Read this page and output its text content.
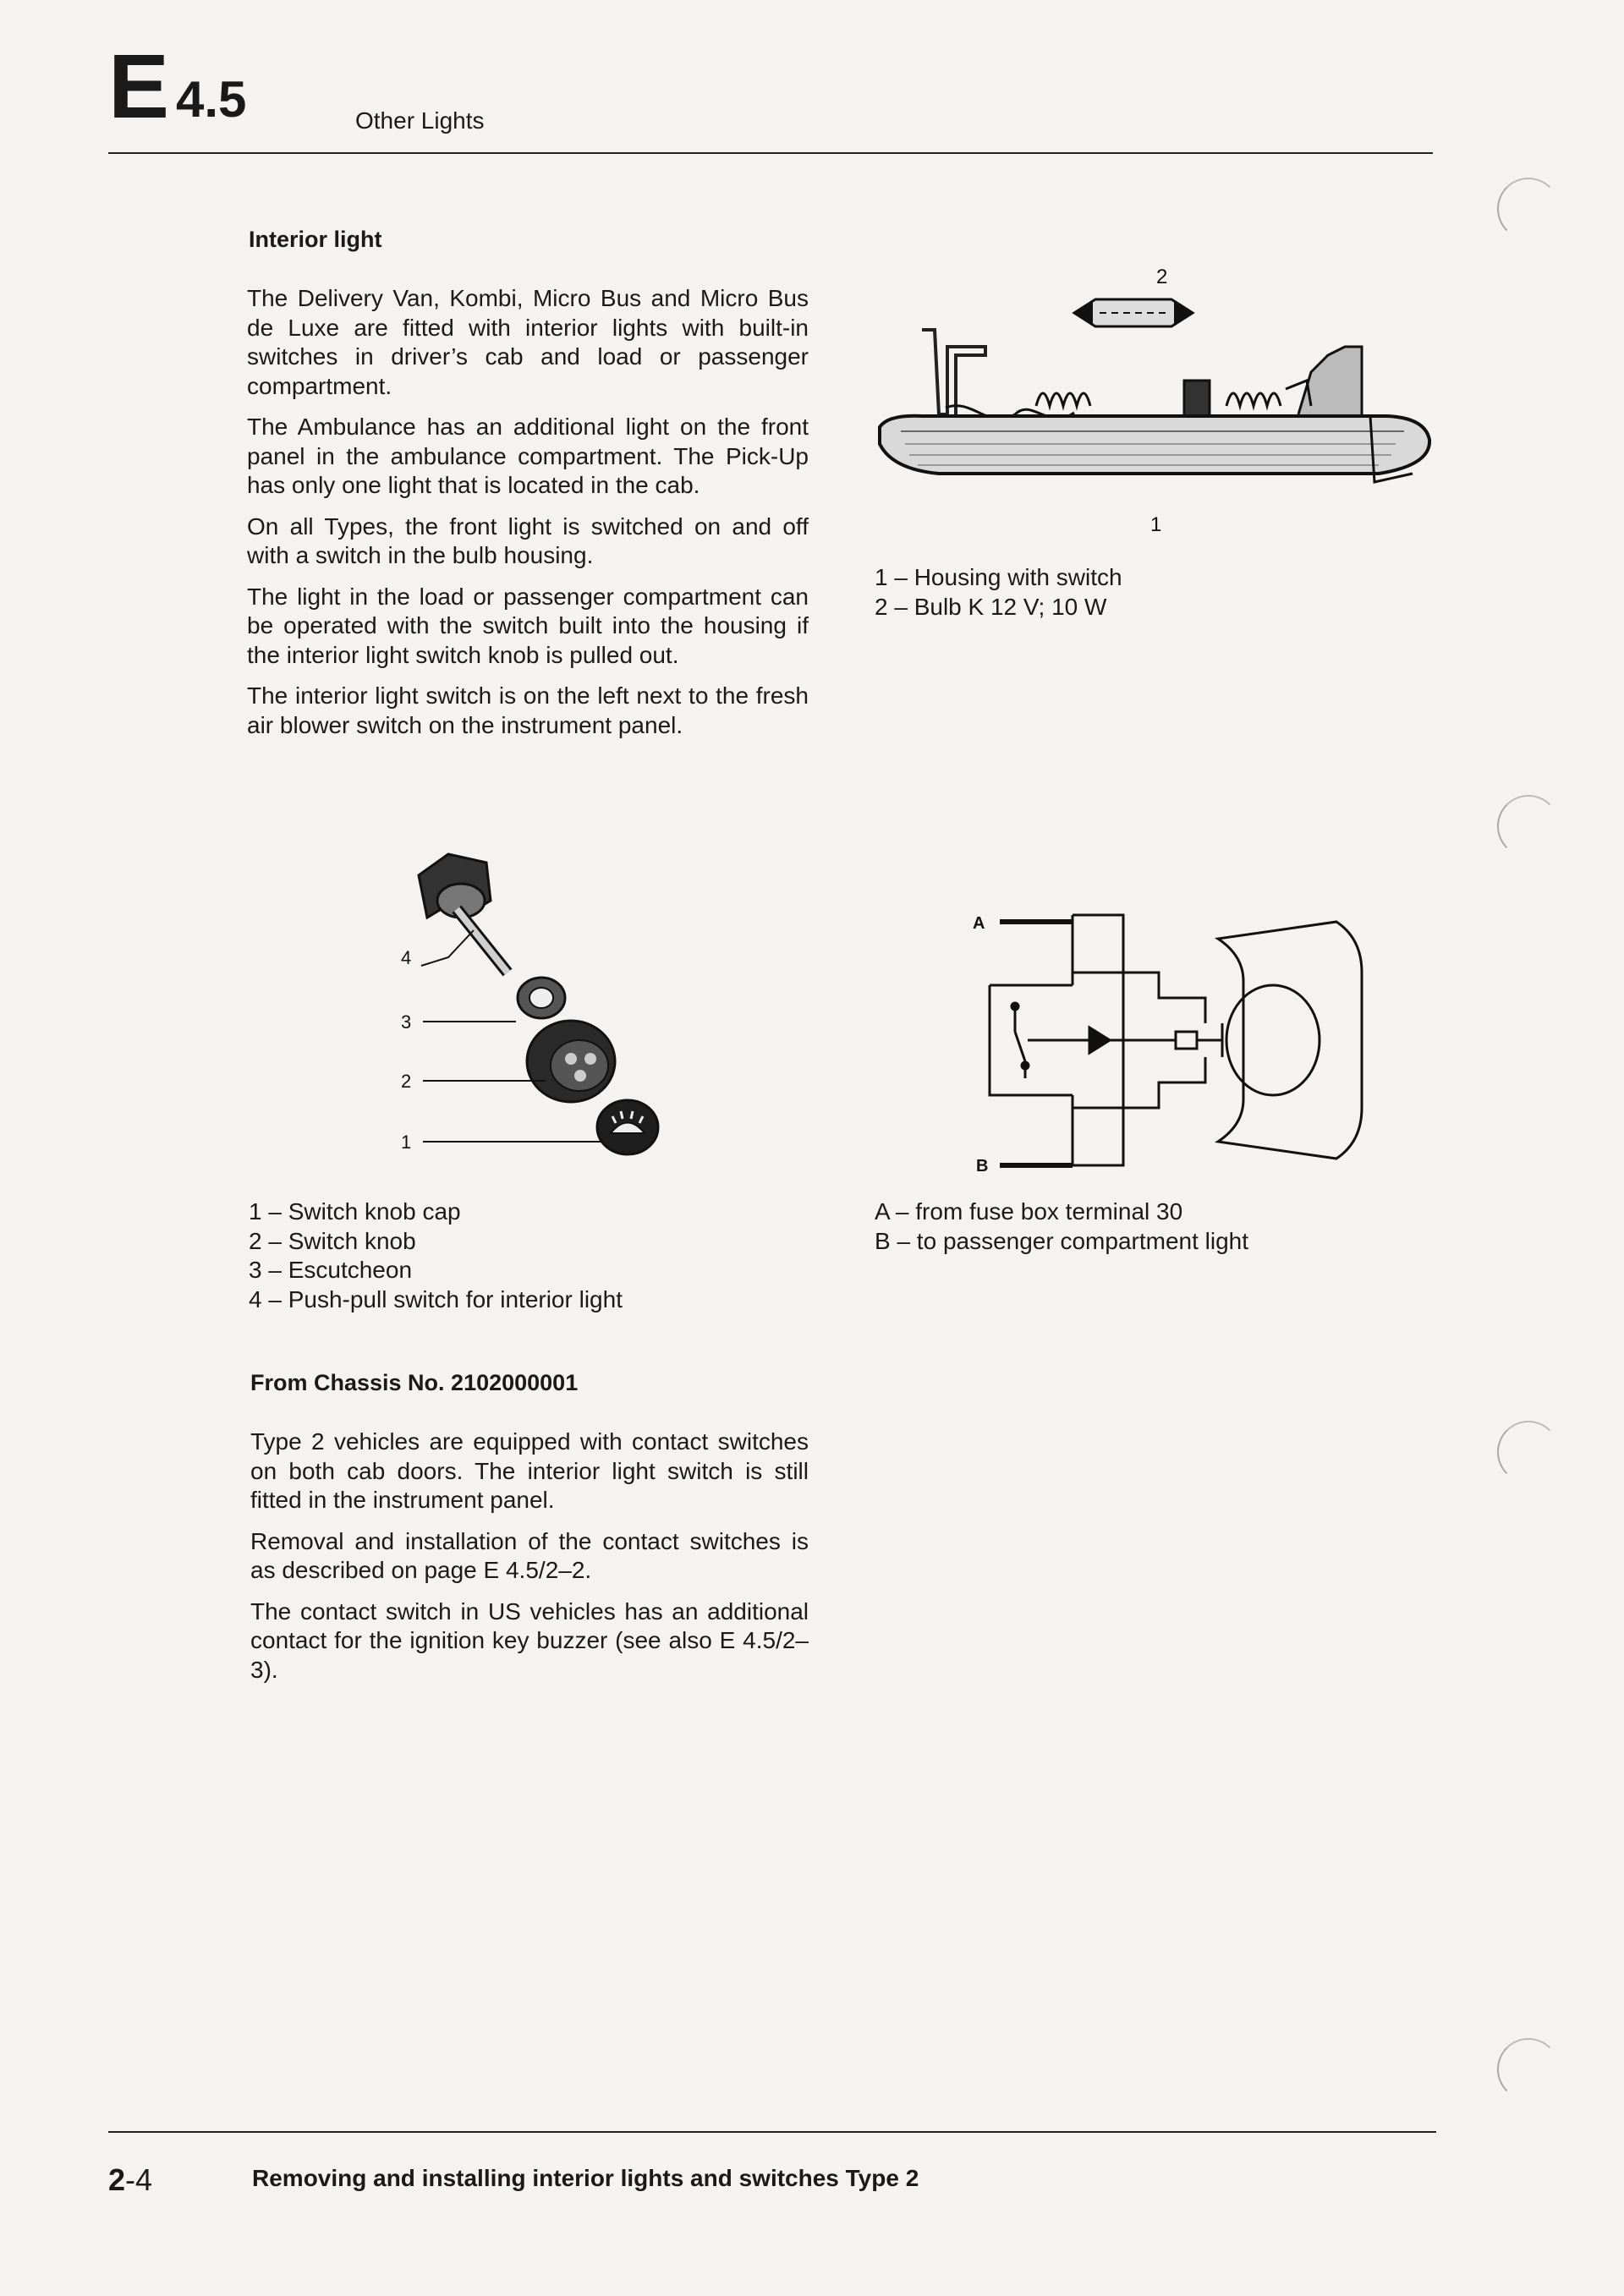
E 4.5	Other Lights
Interior light

The Delivery Van, Kombi, Micro Bus and Micro Bus de Luxe are fitted with interior lights with built-in switches in driver’s cab and load or passenger compartment.

The Ambulance has an additional light on the front panel in the ambulance compartment. The Pick-Up has only one light that is located in the cab.

On all Types, the front light is switched on and off with a switch in the bulb housing.

The light in the load or passenger compartment can be operated with the switch built into the housing if the interior light switch knob is pulled out.

The interior light switch is on the left next to the fresh air blower switch on the instrument panel.

2
1
1 – Housing with switch
2 – Bulb K 12 V; 10 W
4
3
2
1
1 – Switch knob cap
2 – Switch knob
3 – Escutcheon
4 – Push-pull switch for interior light
A
B
A – from fuse box terminal 30
B – to passenger compartment light
From Chassis No. 2102000001

Type 2 vehicles are equipped with contact switches on both cab doors. The interior light switch is still fitted in the instrument panel.

Removal and installation of the contact switches is as described on page E 4.5/2–2.

The contact switch in US vehicles has an additional contact for the ignition key buzzer (see also E 4.5/2–3).

2-4	Removing and installing interior lights and switches Type 2
